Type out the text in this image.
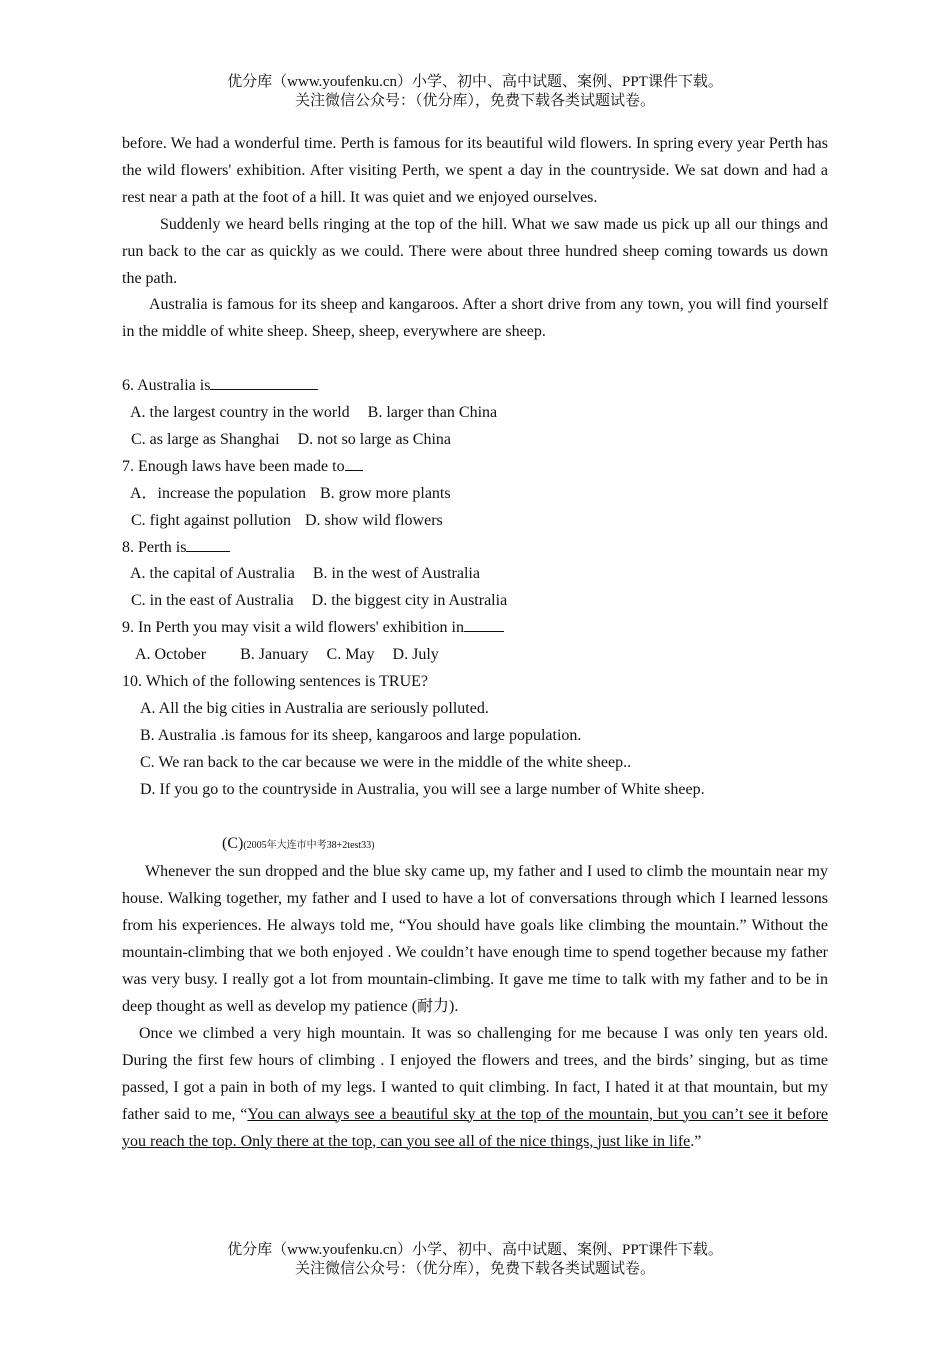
优分库（www.youfenku.cn）小学、初中、高中试题、案例、PPT课件下载。
关注微信公众号：（优分库），免费下载各类试题试卷。

before. We had a wonderful time. Perth is famous for its beautiful wild flowers. In spring every year Perth has the wild flowers' exhibition. After visiting Perth, we spent a day in the countryside. We sat down and had a rest near a path at the foot of a hill. It was quiet and we enjoyed ourselves.

Suddenly we heard bells ringing at the top of the hill. What we saw made us pick up all our things and run back to the car as quickly as we could. There were about three hundred sheep coming towards us down the path.

Australia is famous for its sheep and kangaroos. After a short drive from any town, you will find yourself in the middle of white sheep. Sheep, sheep, everywhere are sheep.

6. Australia is
A. the largest country in the world B. larger than China
C. as large as Shanghai D. not so large as China
7. Enough laws have been made to
A．increase the population B. grow more plants
C. fight against pollution D. show wild flowers
8. Perth is
A. the capital of Australia B. in the west of Australia
C. in the east of Australia D. the biggest city in Australia
9. In Perth you may visit a wild flowers' exhibition in
A. October B. January C. May D. July
10. Which of the following sentences is TRUE?
A. All the big cities in Australia are seriously polluted.
B. Australia .is famous for its sheep, kangaroos and large population.
C. We ran back to the car because we were in the middle of the white sheep..
D. If you go to the countryside in Australia, you will see a large number of White sheep.
(C)(2005年大连市中考38+2test33)

Whenever the sun dropped and the blue sky came up, my father and I used to climb the mountain near my house. Walking together, my father and I used to have a lot of conversations through which I learned lessons from his experiences. He always told me, “You should have goals like climbing the mountain.” Without the mountain-climbing that we both enjoyed . We couldn’t have enough time to spend together because my father was very busy. I really got a lot from mountain-climbing. It gave me time to talk with my father and to be in deep thought as well as develop my patience (耐力).

Once we climbed a very high mountain. It was so challenging for me because I was only ten years old. During the first few hours of climbing . I enjoyed the flowers and trees, and the birds’ singing, but as time passed, I got a pain in both of my legs. I wanted to quit climbing. In fact, I hated it at that mountain, but my father said to me, “You can always see a beautiful sky at the top of the mountain, but you can’t see it before you reach the top. Only there at the top, can you see all of the nice things, just like in life.”

优分库（www.youfenku.cn）小学、初中、高中试题、案例、PPT课件下载。
关注微信公众号：（优分库），免费下载各类试题试卷。
